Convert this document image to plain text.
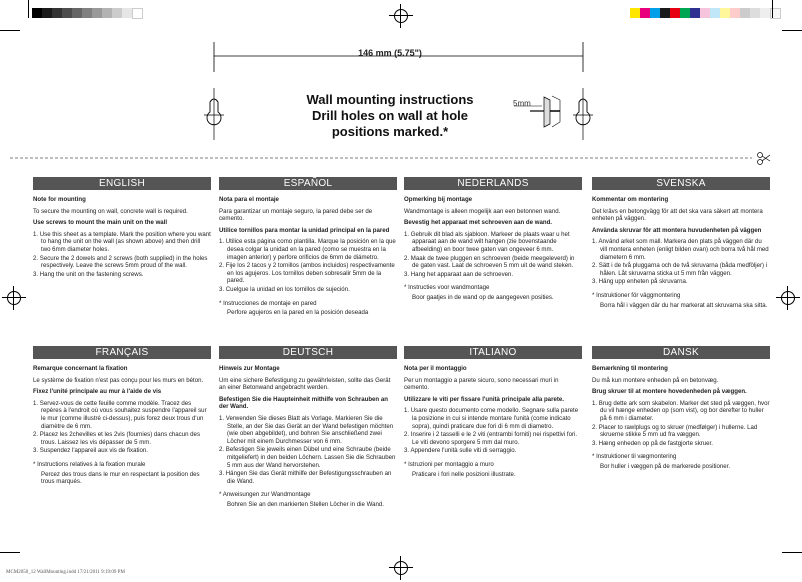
146 mm (5.75")
Wall mounting instructions
Drill holes on wall at hole
positions marked.*
5mm
ENGLISH

Note for mounting

To secure the mounting on wall, concrete wall is required.

Use screws to mount the main unit on the wall

1. Use this sheet as a template. Mark the position where you want to hang the unit on the wall (as shown above) and then drill two 6mm diameter holes.
2. Secure the 2 dowels and 2 screws (both supplied) in the holes respectively. Leave the screws 5mm proud of the wall.
3. Hang the unit on the fastening screws.
ESPAÑOL

Nota para el montaje

Para garantizar un montaje seguro, la pared debe ser de cemento.

Utilice tornillos para montar la unidad principal en la pared

1. Utilice esta página como plantilla. Marque la posición en la que desea colgar la unidad en la pared (como se muestra en la imagen anterior) y perfore orificios de 6mm de diámetro.
2. Fije los 2 tacos y 2 tornillos (ambos incluidos) respectivamente en los agujeros. Los tornillos deben sobresalir 5mm de la pared.
3. Cuelgue la unidad en los tornillos de sujeción.
* Instrucciones de montaje en pared
Perfore agujeros en la pared en la posición deseada
NEDERLANDS

Opmerking bij montage

Wandmontage is alleen mogelijk aan een betonnen wand.

Bevestig het apparaat met schroeven aan de wand.

1. Gebruik dit blad als sjabloon. Markeer de plaats waar u het apparaat aan de wand wilt hangen (zie bovenstaande afbeelding) en boor twee gaten van ongeveer 6 mm.
2. Maak de twee pluggen en schroeven (beide meegeleverd) in de gaten vast. Laat de schroeven 5 mm uit de wand steken.
3. Hang het apparaat aan de schroeven.
* Instructies voor wandmontage
Boor gaatjes in de wand op de aangegeven posities.
SVENSKA

Kommentar om montering

Det krävs en betongvägg för att det ska vara säkert att montera enheten på väggen.

Använda skruvar för att montera huvudenheten på väggen

1. Använd arket som mall. Markera den plats på väggen där du vill montera enheten (enligt bilden ovan) och borra två hål med diametern 6 mm.
2. Sätt i de två pluggarna och de två skruvarna (båda medföljer) i hålen. Låt skruvarna sticka ut 5 mm från väggen.
3. Häng upp enheten på skruvarna.
* Instruktioner för väggmontering
Borra hål i väggen där du har markerat att skruvarna ska sitta.
FRANÇAIS

Remarque concernant la fixation

Le système de fixation n'est pas conçu pour les murs en béton.

Fixez l'unité principale au mur à l'aide de vis

1. Servez-vous de cette feuille comme modèle. Tracez des repères à l'endroit où vous souhaitez suspendre l'appareil sur le mur (comme illustré ci-dessus), puis forez deux trous d'un diamètre de 6 mm.
2. Placez les 2chevilles et les 2vis (fournies) dans chacun des trous. Laissez les vis dépasser de 5 mm.
3. Suspendez l'appareil aux vis de fixation.
* Instructions relatives à la fixation murale
Percez des trous dans le mur en respectant la position des trous marqués.
DEUTSCH

Hinweis zur Montage

Um eine sichere Befestigung zu gewährleisten, sollte das Gerät an einer Betonwand angebracht werden.

Befestigen Sie die Haupteinheit mithilfe von Schrauben an der Wand.

1. Verwenden Sie dieses Blatt als Vorlage. Markieren Sie die Stelle, an der Sie das Gerät an der Wand befestigen möchten (wie oben abgebildet), und bohren Sie anschließend zwei Löcher mit einem Durchmesser von 6 mm.
2. Befestigen Sie jeweils einen Dübel und eine Schraube (beide mitgeliefert) in den beiden Löchern. Lassen Sie die Schrauben 5 mm aus der Wand hervorstehen.
3. Hängen Sie das Gerät mithilfe der Befestigungsschrauben an die Wand.
* Anweisungen zur Wandmontage
Bohren Sie an den markierten Stellen Löcher in die Wand.
ITALIANO

Nota per il montaggio

Per un montaggio a parete sicuro, sono necessari muri in cemento.

Utilizzare le viti per fissare l'unità principale alla parete.

1. Usare questo documento come modello. Segnare sulla parete la posizione in cui si intende montare l'unità (come indicato sopra), quindi praticare due fori di 6 mm di diametro.
2. Inserire i 2 tasselli e le 2 viti (entrambi forniti) nei rispettivi fori. Le viti devono sporgere 5 mm dal muro.
3. Appendere l'unità sulle viti di serraggio.
* Istruzioni per montaggio a muro
Praticare i fori nelle posizioni illustrate.
DANSK

Bemærkning til montering

Du må kun montere enheden på en betonvæg.

Brug skruer til at montere hovedenheden på væggen.

1. Brug dette ark som skabelon. Marker det sted på væggen, hvor du vil hænge enheden op (som vist), og bor derefter to huller på 6 mm i diameter.
2. Placer to rawlplugs og to skruer (medfølger) i hullerne. Lad skruerne stikke 5 mm ud fra væggen.
3. Hæng enheden op på de fastgjorte skruer.
* Instruktioner til vægmontering
Bor huller i væggen på de markerede positioner.
MCM2050_12 WallMounting.indd 17/21/2011 9:19:09 PM
